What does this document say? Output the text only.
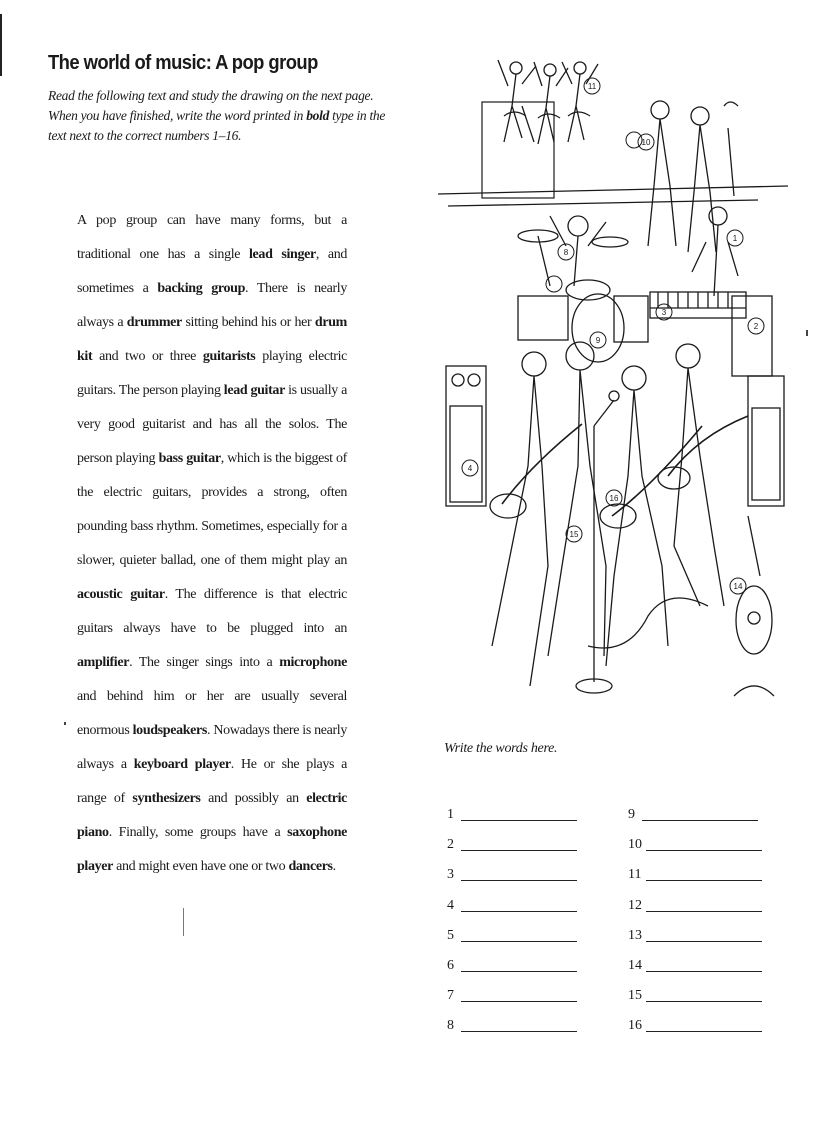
The world of music: A pop group

Read the following text and study the drawing on the next page. When you have finished, write the word printed in bold type in the text next to the correct numbers 1–16.

A pop group can have many forms, but a traditional one has a single lead singer, and sometimes a backing group. There is nearly always a drummer sitting behind his or her drum kit and two or three guitarists playing electric guitars. The person playing lead guitar is usually a very good guitarist and has all the solos. The person playing bass guitar, which is the biggest of the electric guitars, provides a strong, often pounding bass rhythm. Sometimes, especially for a slower, quieter ballad, one of them might play an acoustic guitar. The difference is that electric guitars always have to be plugged into an amplifier. The singer sings into a microphone and behind him or her are usually several enormous loudspeakers. Nowadays there is nearly always a keyboard player. He or she plays a range of synthesizers and possibly an electric piano. Finally, some groups have a saxophone player and might even have one or two dancers.
1
2
3
4
8
9
11
14
15
16
10

Write the words here.

1
2
3
4
5
6
7
8
9
10
11
12
13
14
15
16
